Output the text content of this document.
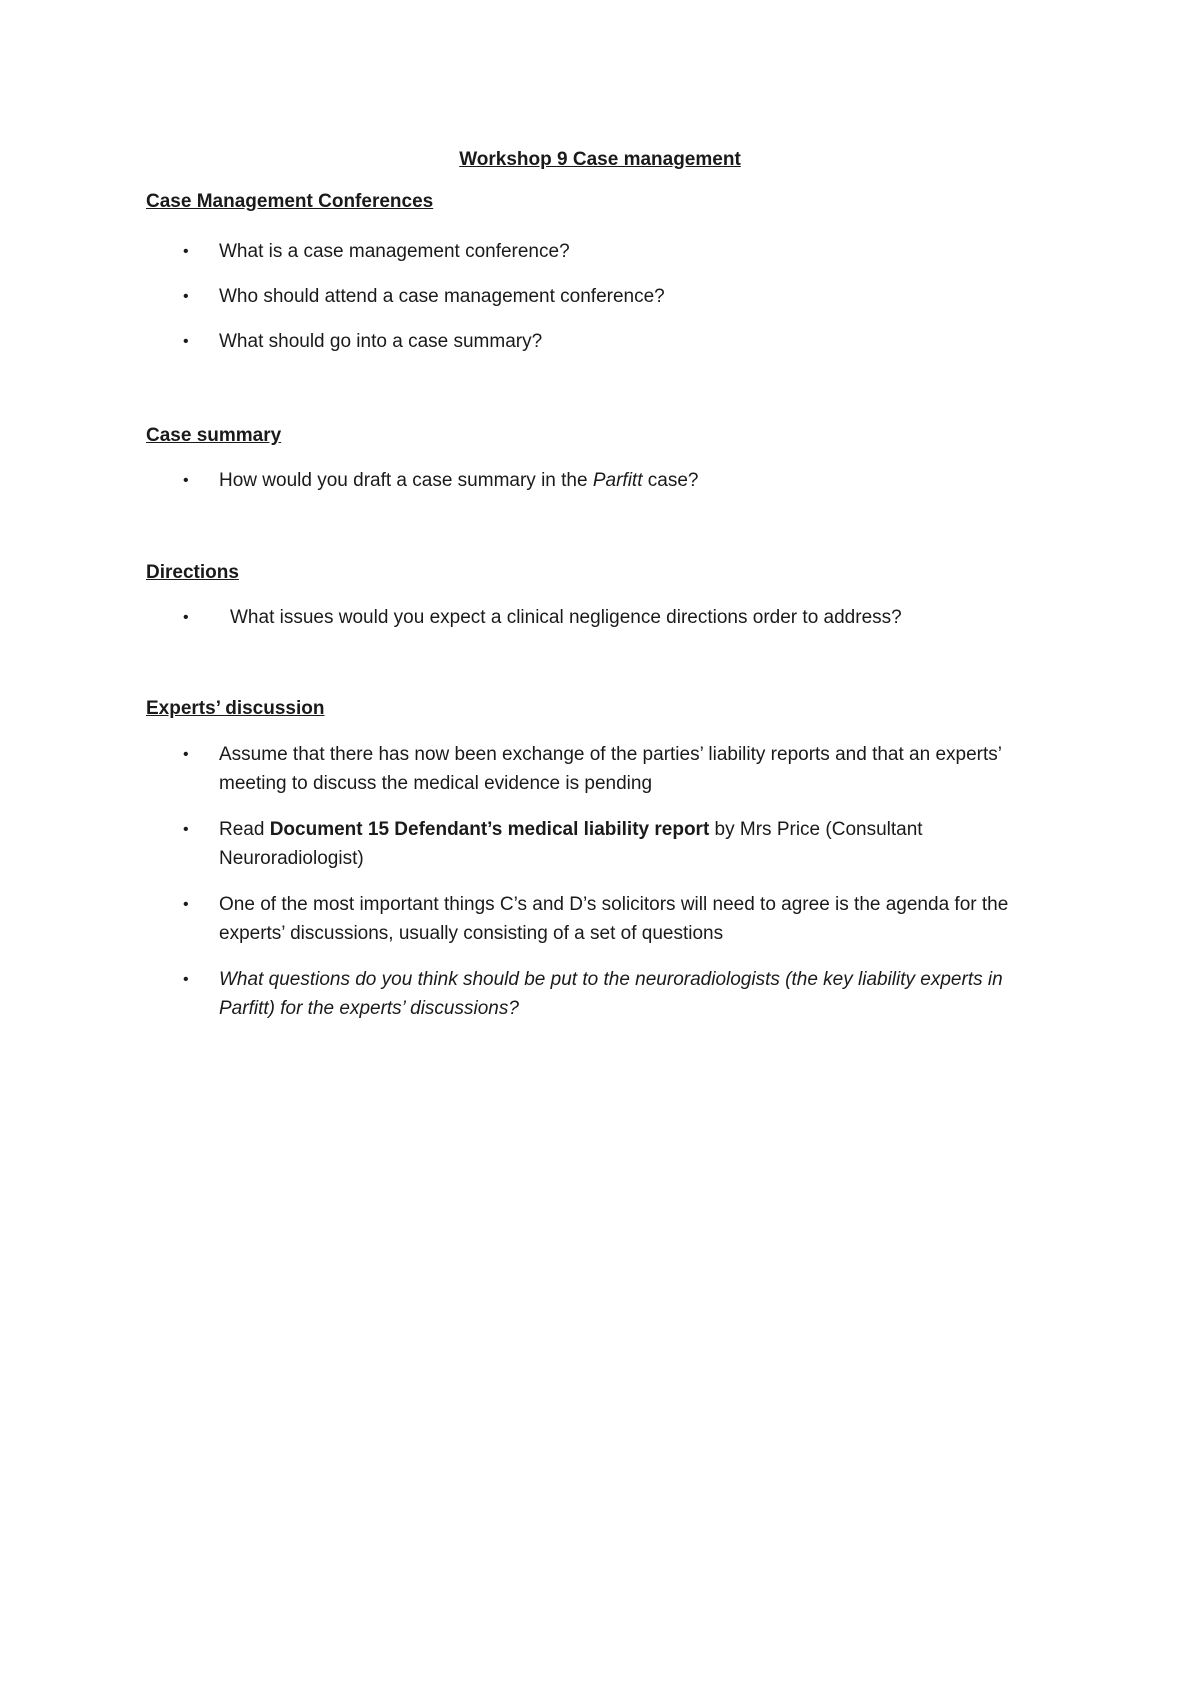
Workshop 9 Case management
Case Management Conferences
• What is a case management conference?
• Who should attend a case management conference?
• What should go into a case summary?
Case summary
• How would you draft a case summary in the Parfitt case?
Directions
• What issues would you expect a clinical negligence directions order to address?
Experts’ discussion
• Assume that there has now been exchange of the parties’ liability reports and that an experts’ meeting to discuss the medical evidence is pending
• Read Document 15 Defendant’s medical liability report by Mrs Price (Consultant Neuroradiologist)
• One of the most important things C’s and D’s solicitors will need to agree is the agenda for the experts’ discussions, usually consisting of a set of questions
• What questions do you think should be put to the neuroradiologists (the key liability experts in Parfitt) for the experts’ discussions?
